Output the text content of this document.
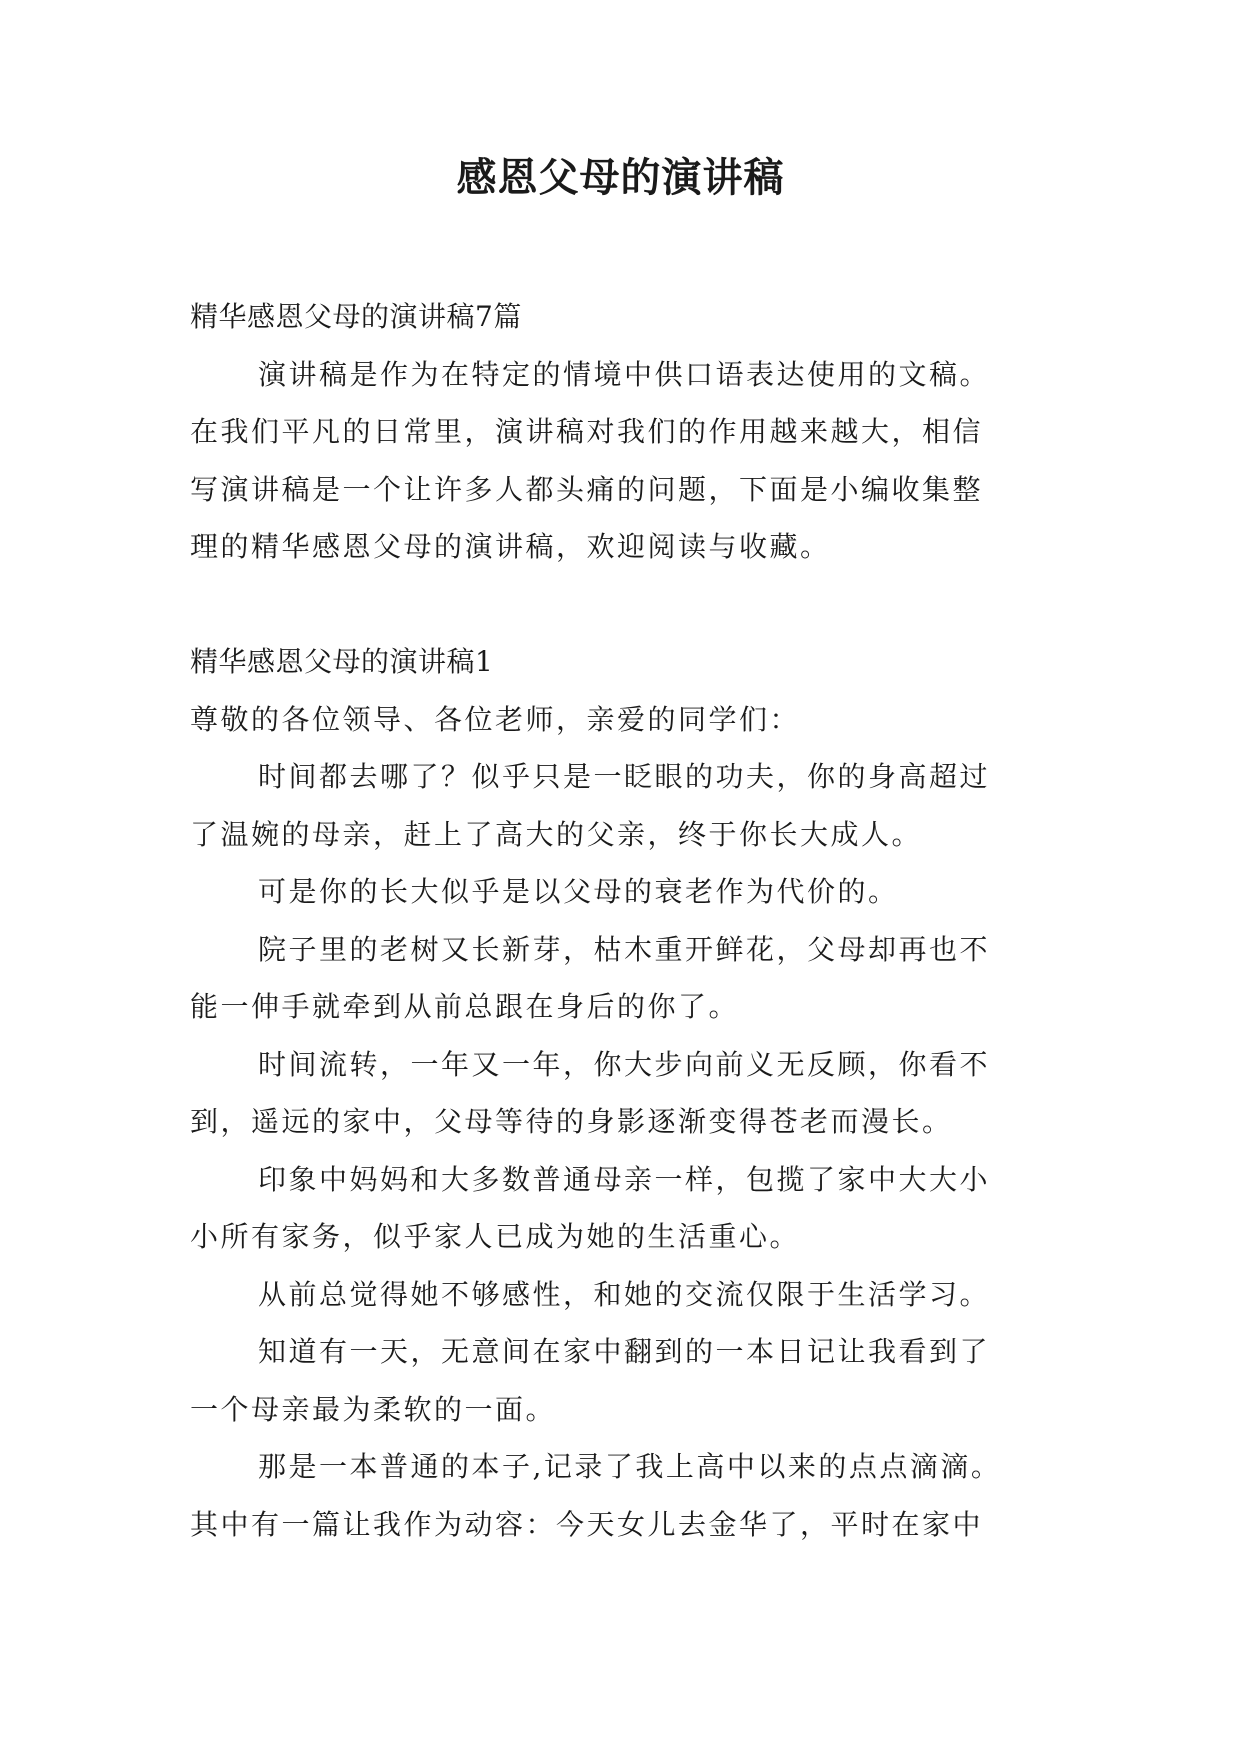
感恩父母的演讲稿
精华感恩父母的演讲稿7篇
演讲稿是作为在特定的情境中供口语表达使用的文稿。
在我们平凡的日常里，演讲稿对我们的作用越来越大，相信
写演讲稿是一个让许多人都头痛的问题，下面是小编收集整
理的精华感恩父母的演讲稿，欢迎阅读与收藏。
精华感恩父母的演讲稿1
尊敬的各位领导、各位老师，亲爱的同学们：
时间都去哪了？似乎只是一眨眼的功夫，你的身高超过
了温婉的母亲，赶上了高大的父亲，终于你长大成人。
可是你的长大似乎是以父母的衰老作为代价的。
院子里的老树又长新芽，枯木重开鲜花，父母却再也不
能一伸手就牵到从前总跟在身后的你了。
时间流转，一年又一年，你大步向前义无反顾，你看不
到，遥远的家中，父母等待的身影逐渐变得苍老而漫长。
印象中妈妈和大多数普通母亲一样，包揽了家中大大小
小所有家务，似乎家人已成为她的生活重心。
从前总觉得她不够感性，和她的交流仅限于生活学习。
知道有一天，无意间在家中翻到的一本日记让我看到了
一个母亲最为柔软的一面。
那是一本普通的本子,记录了我上高中以来的点点滴滴。
其中有一篇让我作为动容：今天女儿去金华了，平时在家中
